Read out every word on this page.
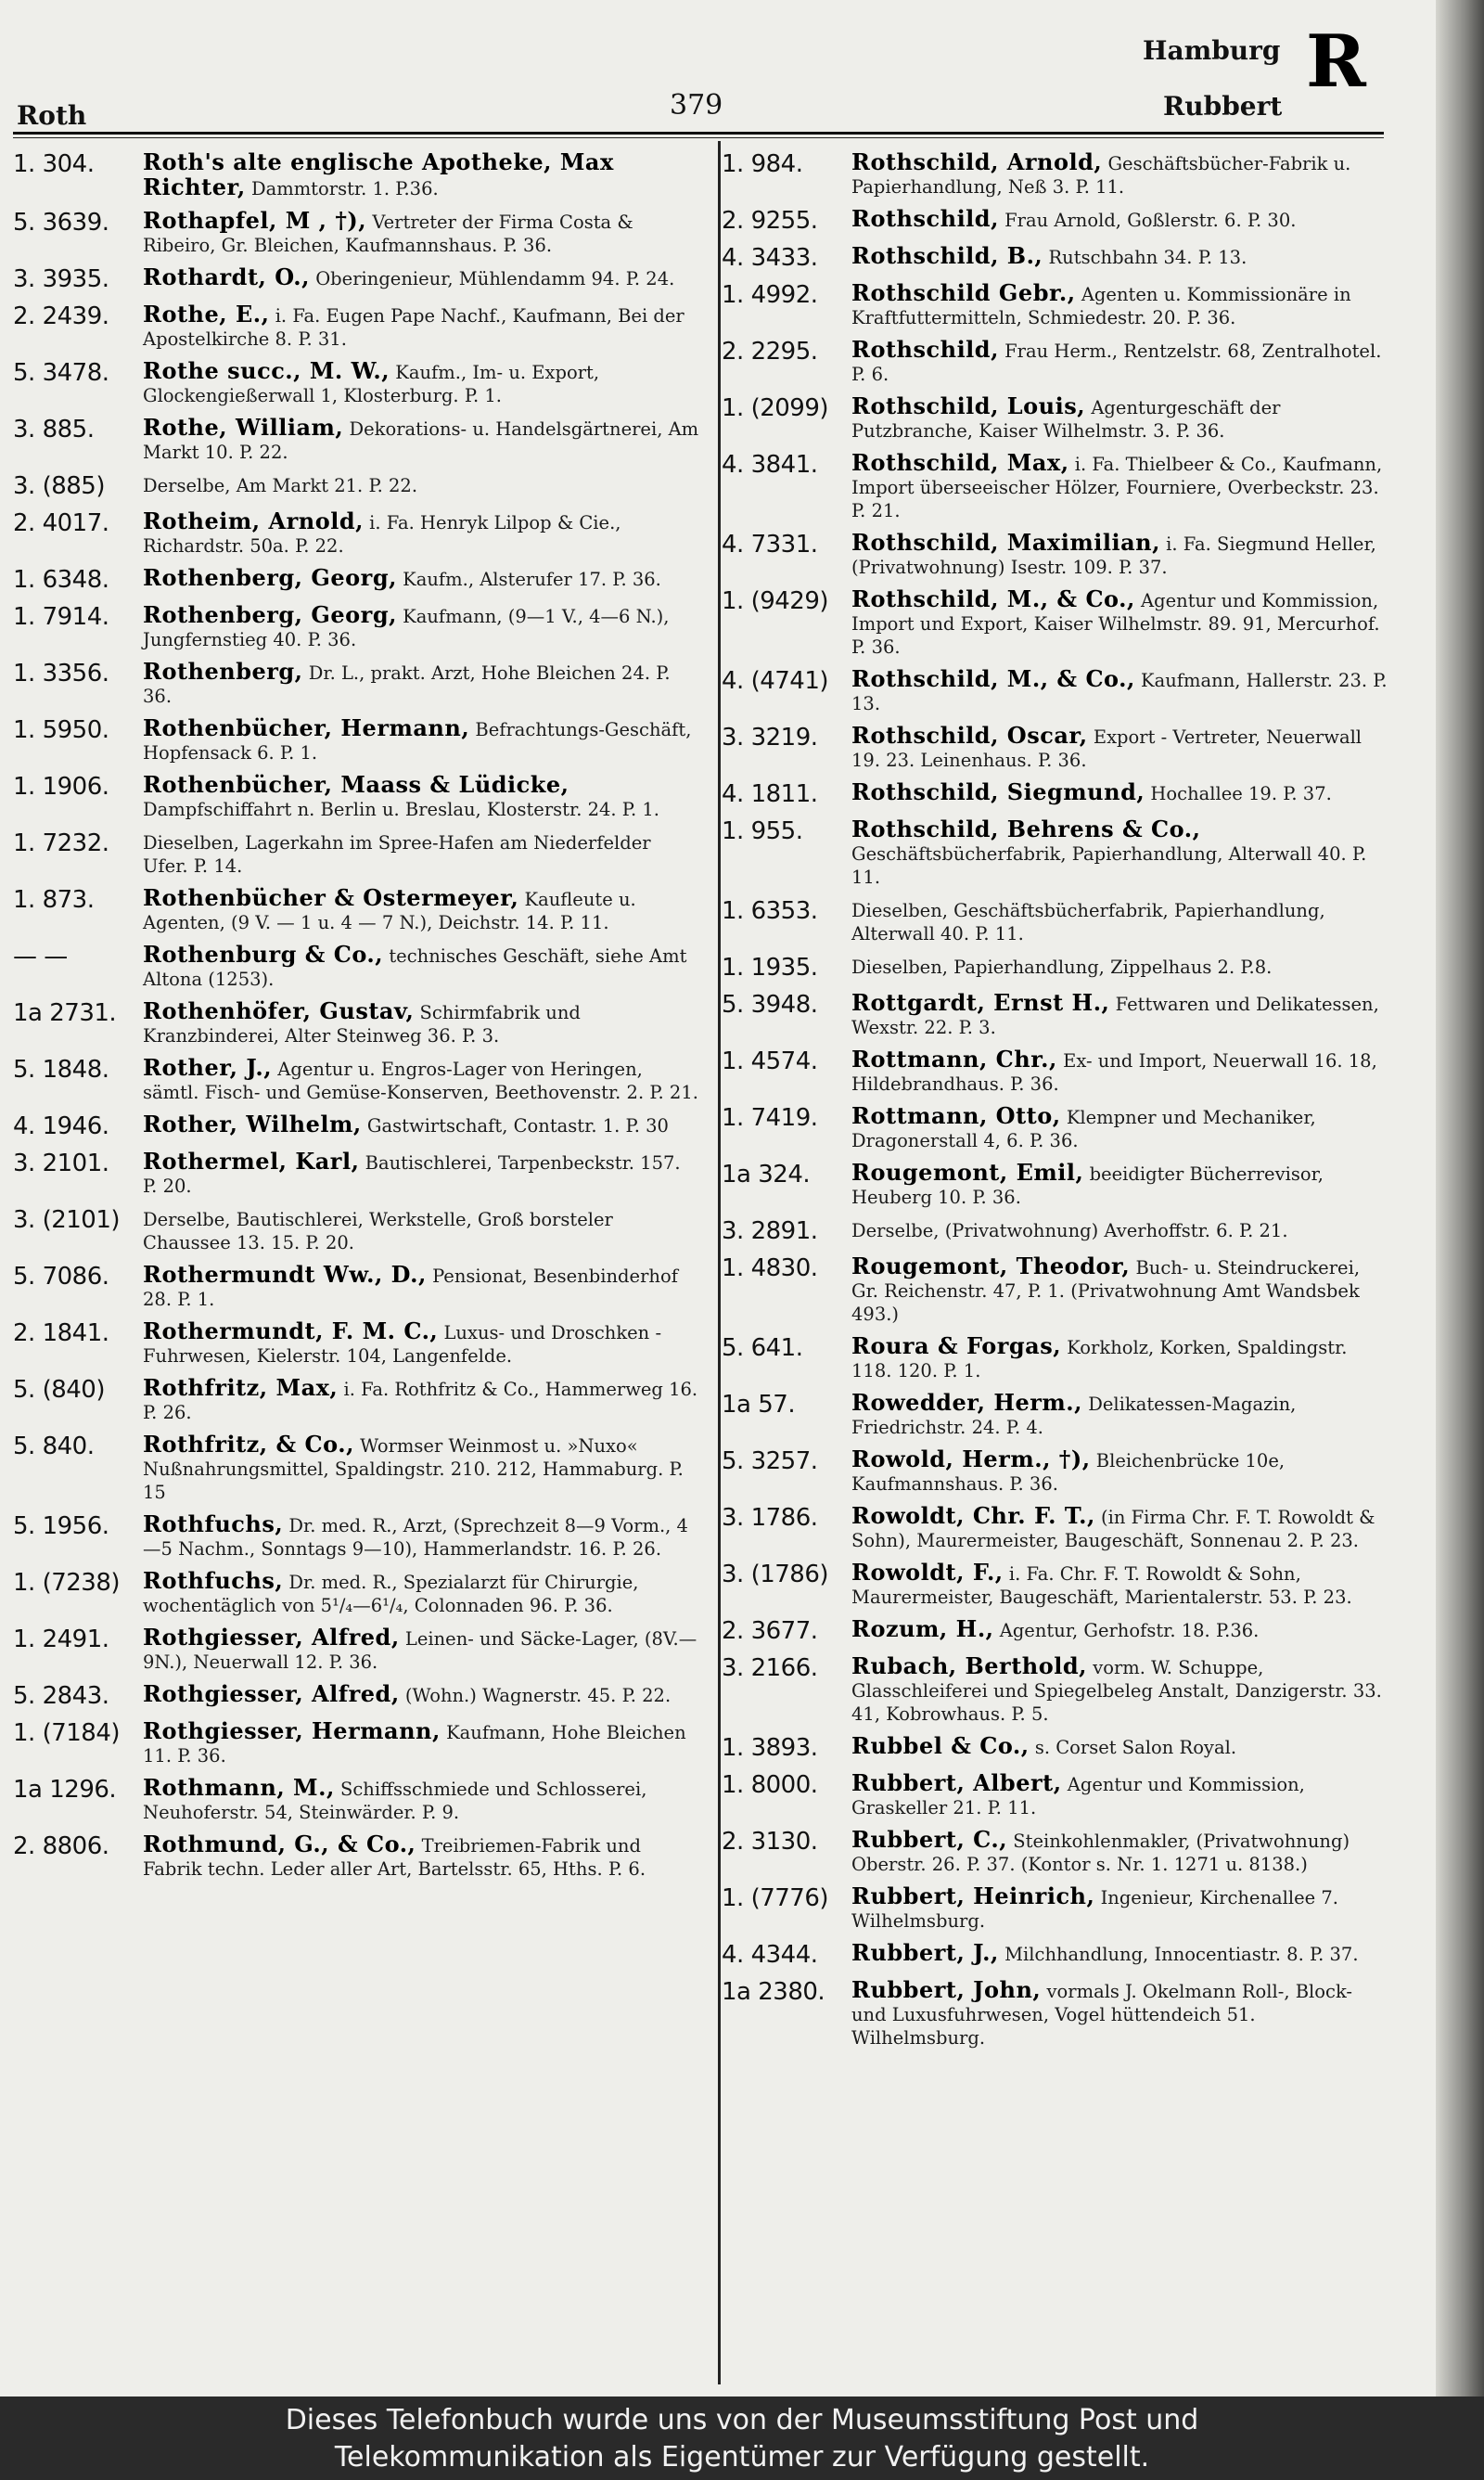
Roth	379
Hamburg
Rubbert
R
1. 304.	Roth's alte englische Apotheke, Max Richter, Dammtorstr. 1. P.36.
5. 3639.	Rothapfel, M , †), Vertreter der Firma Costa & Ribeiro, Gr. Bleichen, Kaufmannshaus. P. 36.
3. 3935.	Rothardt, O., Oberingenieur, Mühlendamm 94. P. 24.
2. 2439.	Rothe, E., i. Fa. Eugen Pape Nachf., Kaufmann, Bei der Apostelkirche 8. P. 31.
5. 3478.	Rothe succ., M. W., Kaufm., Im- u. Export, Glockengießerwall 1, Klosterburg. P. 1.
3. 885.	Rothe, William, Dekorations- u. Handelsgärtnerei, Am Markt 10. P. 22.
3. (885)	Derselbe, Am Markt 21. P. 22.
2. 4017.	Rotheim, Arnold, i. Fa. Henryk Lilpop & Cie., Richardstr. 50a. P. 22.
1. 6348.	Rothenberg, Georg, Kaufm., Alsterufer 17. P. 36.
1. 7914.	Rothenberg, Georg, Kaufmann, (9—1 V., 4—6 N.), Jungfernstieg 40. P. 36.
1. 3356.	Rothenberg, Dr. L., prakt. Arzt, Hohe Bleichen 24. P. 36.
1. 5950.	Rothenbücher, Hermann, Befrachtungs-Geschäft, Hopfensack 6. P. 1.
1. 1906.	Rothenbücher, Maass & Lüdicke, Dampfschiffahrt n. Berlin u. Breslau, Klosterstr. 24. P. 1.
1. 7232.	Dieselben, Lagerkahn im Spree-Hafen am Niederfelder Ufer. P. 14.
1. 873.	Rothenbücher & Ostermeyer, Kaufleute u. Agenten, (9 V. — 1 u. 4 — 7 N.), Deichstr. 14. P. 11.
— —	Rothenburg & Co., technisches Geschäft, siehe Amt Altona (1253).
1a 2731.	Rothenhöfer, Gustav, Schirmfabrik und Kranzbinderei, Alter Steinweg 36. P. 3.
5. 1848.	Rother, J., Agentur u. Engros-Lager von Heringen, sämtl. Fisch- und Gemüse-Konserven, Beethovenstr. 2. P. 21.
4. 1946.	Rother, Wilhelm, Gastwirtschaft, Contastr. 1. P. 30
3. 2101.	Rothermel, Karl, Bautischlerei, Tarpenbeckstr. 157. P. 20.
3. (2101)	Derselbe, Bautischlerei, Werkstelle, Groß borsteler Chaussee 13. 15. P. 20.
5. 7086.	Rothermundt Ww., D., Pensionat, Besenbinderhof 28. P. 1.
2. 1841.	Rothermundt, F. M. C., Luxus- und Droschken - Fuhrwesen, Kielerstr. 104, Langenfelde.
5. (840)	Rothfritz, Max, i. Fa. Rothfritz & Co., Hammerweg 16. P. 26.
5. 840.	Rothfritz, & Co., Wormser Weinmost u. »Nuxo« Nußnahrungsmittel, Spaldingstr. 210. 212, Hammaburg. P. 15
5. 1956.	Rothfuchs, Dr. med. R., Arzt, (Sprechzeit 8—9 Vorm., 4—5 Nachm., Sonntags 9—10), Hammerlandstr. 16. P. 26.
1. (7238)	Rothfuchs, Dr. med. R., Spezialarzt für Chirurgie, wochentäglich von 5¹/₄—6¹/₄, Colonnaden 96. P. 36.
1. 2491.	Rothgiesser, Alfred, Leinen- und Säcke-Lager, (8V.—9N.), Neuerwall 12. P. 36.
5. 2843.	Rothgiesser, Alfred, (Wohn.) Wagnerstr. 45. P. 22.
1. (7184)	Rothgiesser, Hermann, Kaufmann, Hohe Bleichen 11. P. 36.
1a 1296.	Rothmann, M., Schiffsschmiede und Schlosserei, Neuhoferstr. 54, Steinwärder. P. 9.
2. 8806.	Rothmund, G., & Co., Treibriemen-Fabrik und Fabrik techn. Leder aller Art, Bartelsstr. 65, Hths. P. 6.
1. 984.	Rothschild, Arnold, Geschäftsbücher-Fabrik u. Papierhandlung, Neß 3. P. 11.
2. 9255.	Rothschild, Frau Arnold, Goßlerstr. 6. P. 30.
4. 3433.	Rothschild, B., Rutschbahn 34. P. 13.
1. 4992.	Rothschild Gebr., Agenten u. Kommissionäre in Kraftfuttermitteln, Schmiedestr. 20. P. 36.
2. 2295.	Rothschild, Frau Herm., Rentzelstr. 68, Zentralhotel. P. 6.
1. (2099)	Rothschild, Louis, Agenturgeschäft der Putzbranche, Kaiser Wilhelmstr. 3. P. 36.
4. 3841.	Rothschild, Max, i. Fa. Thielbeer & Co., Kaufmann, Import überseeischer Hölzer, Fourniere, Overbeckstr. 23. P. 21.
4. 7331.	Rothschild, Maximilian, i. Fa. Siegmund Heller, (Privatwohnung) Isestr. 109. P. 37.
1. (9429)	Rothschild, M., & Co., Agentur und Kommission, Import und Export, Kaiser Wilhelmstr. 89. 91, Mercurhof. P. 36.
4. (4741)	Rothschild, M., & Co., Kaufmann, Hallerstr. 23. P. 13.
3. 3219.	Rothschild, Oscar, Export - Vertreter, Neuerwall 19. 23. Leinenhaus. P. 36.
4. 1811.	Rothschild, Siegmund, Hochallee 19. P. 37.
1. 955.	Rothschild, Behrens & Co., Geschäftsbücherfabrik, Papierhandlung, Alterwall 40. P. 11.
1. 6353.	Dieselben, Geschäftsbücherfabrik, Papierhandlung, Alterwall 40. P. 11.
1. 1935.	Dieselben, Papierhandlung, Zippelhaus 2. P.8.
5. 3948.	Rottgardt, Ernst H., Fettwaren und Delikatessen, Wexstr. 22. P. 3.
1. 4574.	Rottmann, Chr., Ex- und Import, Neuerwall 16. 18, Hildebrandhaus. P. 36.
1. 7419.	Rottmann, Otto, Klempner und Mechaniker, Dragonerstall 4, 6. P. 36.
1a 324.	Rougemont, Emil, beeidigter Bücherrevisor, Heuberg 10. P. 36.
3. 2891.	Derselbe, (Privatwohnung) Averhoffstr. 6. P. 21.
1. 4830.	Rougemont, Theodor, Buch- u. Steindruckerei, Gr. Reichenstr. 47, P. 1. (Privatwohnung Amt Wandsbek 493.)
5. 641.	Roura & Forgas, Korkholz, Korken, Spaldingstr. 118. 120. P. 1.
1a 57.	Rowedder, Herm., Delikatessen-Magazin, Friedrichstr. 24. P. 4.
5. 3257.	Rowold, Herm., †), Bleichenbrücke 10e, Kaufmannshaus. P. 36.
3. 1786.	Rowoldt, Chr. F. T., (in Firma Chr. F. T. Rowoldt & Sohn), Maurermeister, Baugeschäft, Sonnenau 2. P. 23.
3. (1786)	Rowoldt, F., i. Fa. Chr. F. T. Rowoldt & Sohn, Maurermeister, Baugeschäft, Marientalerstr. 53. P. 23.
2. 3677.	Rozum, H., Agentur, Gerhofstr. 18. P.36.
3. 2166.	Rubach, Berthold, vorm. W. Schuppe, Glasschleiferei und Spiegelbeleg Anstalt, Danzigerstr. 33. 41, Kobrowhaus. P. 5.
1. 3893.	Rubbel & Co., s. Corset Salon Royal.
1. 8000.	Rubbert, Albert, Agentur und Kommission, Graskeller 21. P. 11.
2. 3130.	Rubbert, C., Steinkohlenmakler, (Privatwohnung) Oberstr. 26. P. 37. (Kontor s. Nr. 1. 1271 u. 8138.)
1. (7776)	Rubbert, Heinrich, Ingenieur, Kirchenallee 7. Wilhelmsburg.
4. 4344.	Rubbert, J., Milchhandlung, Innocentiastr. 8. P. 37.
1a 2380.	Rubbert, John, vormals J. Okelmann Roll-, Block- und Luxusfuhrwesen, Vogel hüttendeich 51. Wilhelmsburg.
Dieses Telefonbuch wurde uns von der Museumsstiftung Post und
Telekommunikation als Eigentümer zur Verfügung gestellt.
